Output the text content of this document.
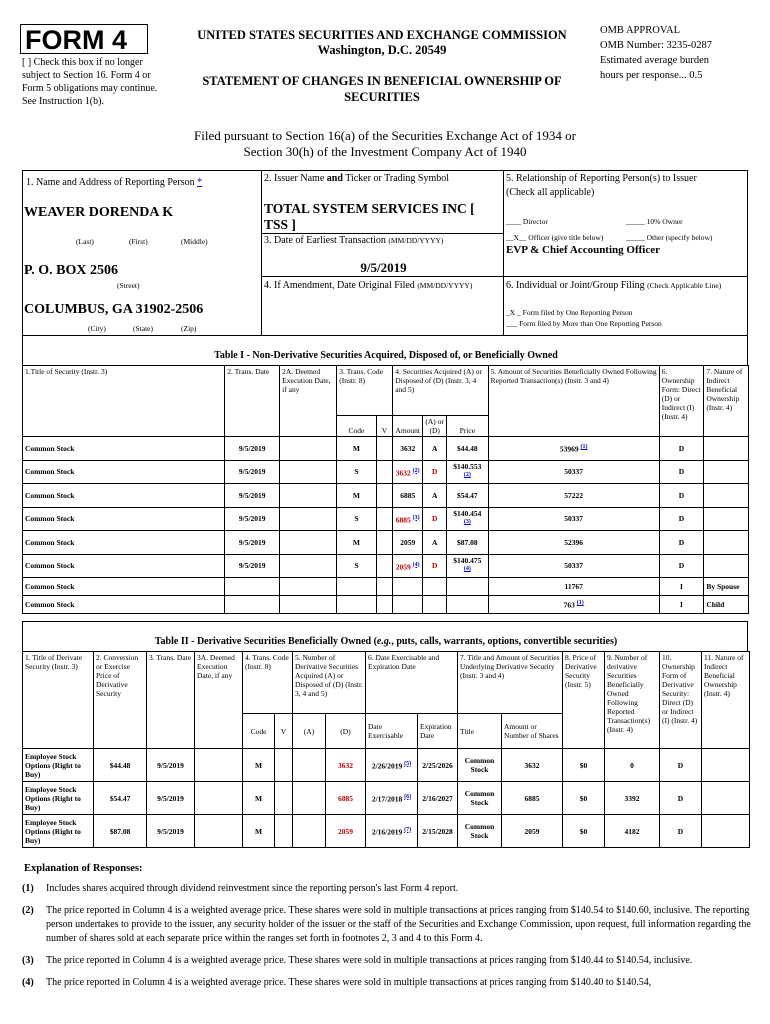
FORM 4
[ ] Check this box if no longer subject to Section 16. Form 4 or Form 5 obligations may continue. See Instruction 1(b).
UNITED STATES SECURITIES AND EXCHANGE COMMISSION
Washington, D.C. 20549
STATEMENT OF CHANGES IN BENEFICIAL OWNERSHIP OF SECURITIES
OMB APPROVAL
OMB Number: 3235-0287
Estimated average burden
hours per response... 0.5
Filed pursuant to Section 16(a) of the Securities Exchange Act of 1934 or
Section 30(h) of the Investment Company Act of 1940
1. Name and Address of Reporting Person *
WEAVER DORENDA K
(Last)	(First)	(Middle)
P. O. BOX 2506
(Street)
COLUMBUS, GA 31902-2506
(City)	(State)	(Zip)
2. Issuer Name and Ticker or Trading Symbol
TOTAL SYSTEM SERVICES INC [ TSS ]
3. Date of Earliest Transaction (MM/DD/YYYY)
9/5/2019
4. If Amendment, Date Original Filed (MM/DD/YYYY)
5. Relationship of Reporting Person(s) to Issuer
(Check all applicable)
____ Director	_____ 10% Owner
__X__ Officer (give title below)	_____ Other (specify below)
EVP & Chief Accounting Officer
6. Individual or Joint/Group Filing (Check Applicable Line)
_X _ Form filed by One Reporting Person
___ Form filed by More than One Reporting Person
Table I - Non-Derivative Securities Acquired, Disposed of, or Beneficially Owned
1.Title of Security (Instr. 3)	2. Trans. Date	2A. Deemed Execution Date, if any	3. Trans. Code (Instr. 8)		4. Securities Acquired (A) or Disposed of (D) (Instr. 3, 4 and 5)			5. Amount of Securities Beneficially Owned Following Reported Transaction(s) (Instr. 3 and 4)	6. Ownership Form: Direct (D) or Indirect (I) (Instr. 4)	7. Nature of Indirect Beneficial Ownership (Instr. 4)
			Code	V	Amount	(A) or (D)	Price			
Common Stock	9/5/2019		M		3632	A	$44.48	53969 $^{(1)}$	D	
Common Stock	9/5/2019		S		3632 $^{(2)}$	D	$140.553 $^{(2)}$	50337	D	
Common Stock	9/5/2019		M		6885	A	$54.47	57222	D	
Common Stock	9/5/2019		S		6885 $^{(3)}$	D	$140.454 $^{(3)}$	50337	D	
Common Stock	9/5/2019		M		2059	A	$87.08	52396	D	
Common Stock	9/5/2019		S		2059 $^{(4)}$	D	$140.475 $^{(4)}$	50337	D	
Common Stock								11767	I	By Spouse
Common Stock								763 $^{(1)}$	I	Child
Table II - Derivative Securities Beneficially Owned (e.g., puts, calls, warrants, options, convertible securities)
1. Title of Derivate Security (Instr. 3)	2. Conversion or Exercise Price of Derivative Security	3. Trans. Date	3A. Deemed Execution Date, if any	4. Trans. Code (Instr. 8)		5. Number of Derivative Securities Acquired (A) or Disposed of (D) (Instr. 3, 4 and 5)		6. Date Exercisable and Expiration Date		7. Title and Amount of Securities Underlying Derivative Security (Instr. 3 and 4)		8. Price of Derivative Security (Instr. 5)	9. Number of derivative Securities Beneficially Owned Following Reported Transaction(s) (Instr. 4)	10. Ownership Form of Derivative Security: Direct (D) or Indirect (I) (Instr. 4)	11. Nature of Indirect Beneficial Ownership (Instr. 4)
				Code	V	(A)	(D)	Date Exercisable	Expiration Date	Title	Amount or Number of Shares				
Employee Stock Options (Right to Buy)	$44.48	9/5/2019		M			3632	2/26/2019 $^{(5)}$	2/25/2026	Common Stock	3632	$0	0	D	
Employee Stock Options (Right to Buy)	$54.47	9/5/2019		M			6885	2/17/2018 $^{(6)}$	2/16/2027	Common Stock	6885	$0	3392	D	
Employee Stock Options (Right to Buy)	$87.08	9/5/2019		M			2059	2/16/2019 $^{(7)}$	2/15/2028	Common Stock	2059	$0	4182	D	
Explanation of Responses:
(1)	Includes shares acquired through dividend reinvestment since the reporting person's last Form 4 report.
(2)	The price reported in Column 4 is a weighted average price. These shares were sold in multiple transactions at prices ranging from $140.54 to $140.60, inclusive. The reporting person undertakes to provide to the issuer, any security holder of the issuer or the staff of the Securities and Exchange Commission, upon request, full information regarding the number of shares sold at each separate price within the ranges set forth in footnotes 2, 3 and 4 to this Form 4.
(3)	The price reported in Column 4 is a weighted average price. These shares were sold in multiple transactions at prices ranging from $140.44 to $140.54, inclusive.
(4)	The price reported in Column 4 is a weighted average price. These shares were sold in multiple transactions at prices ranging from $140.40 to $140.54,
